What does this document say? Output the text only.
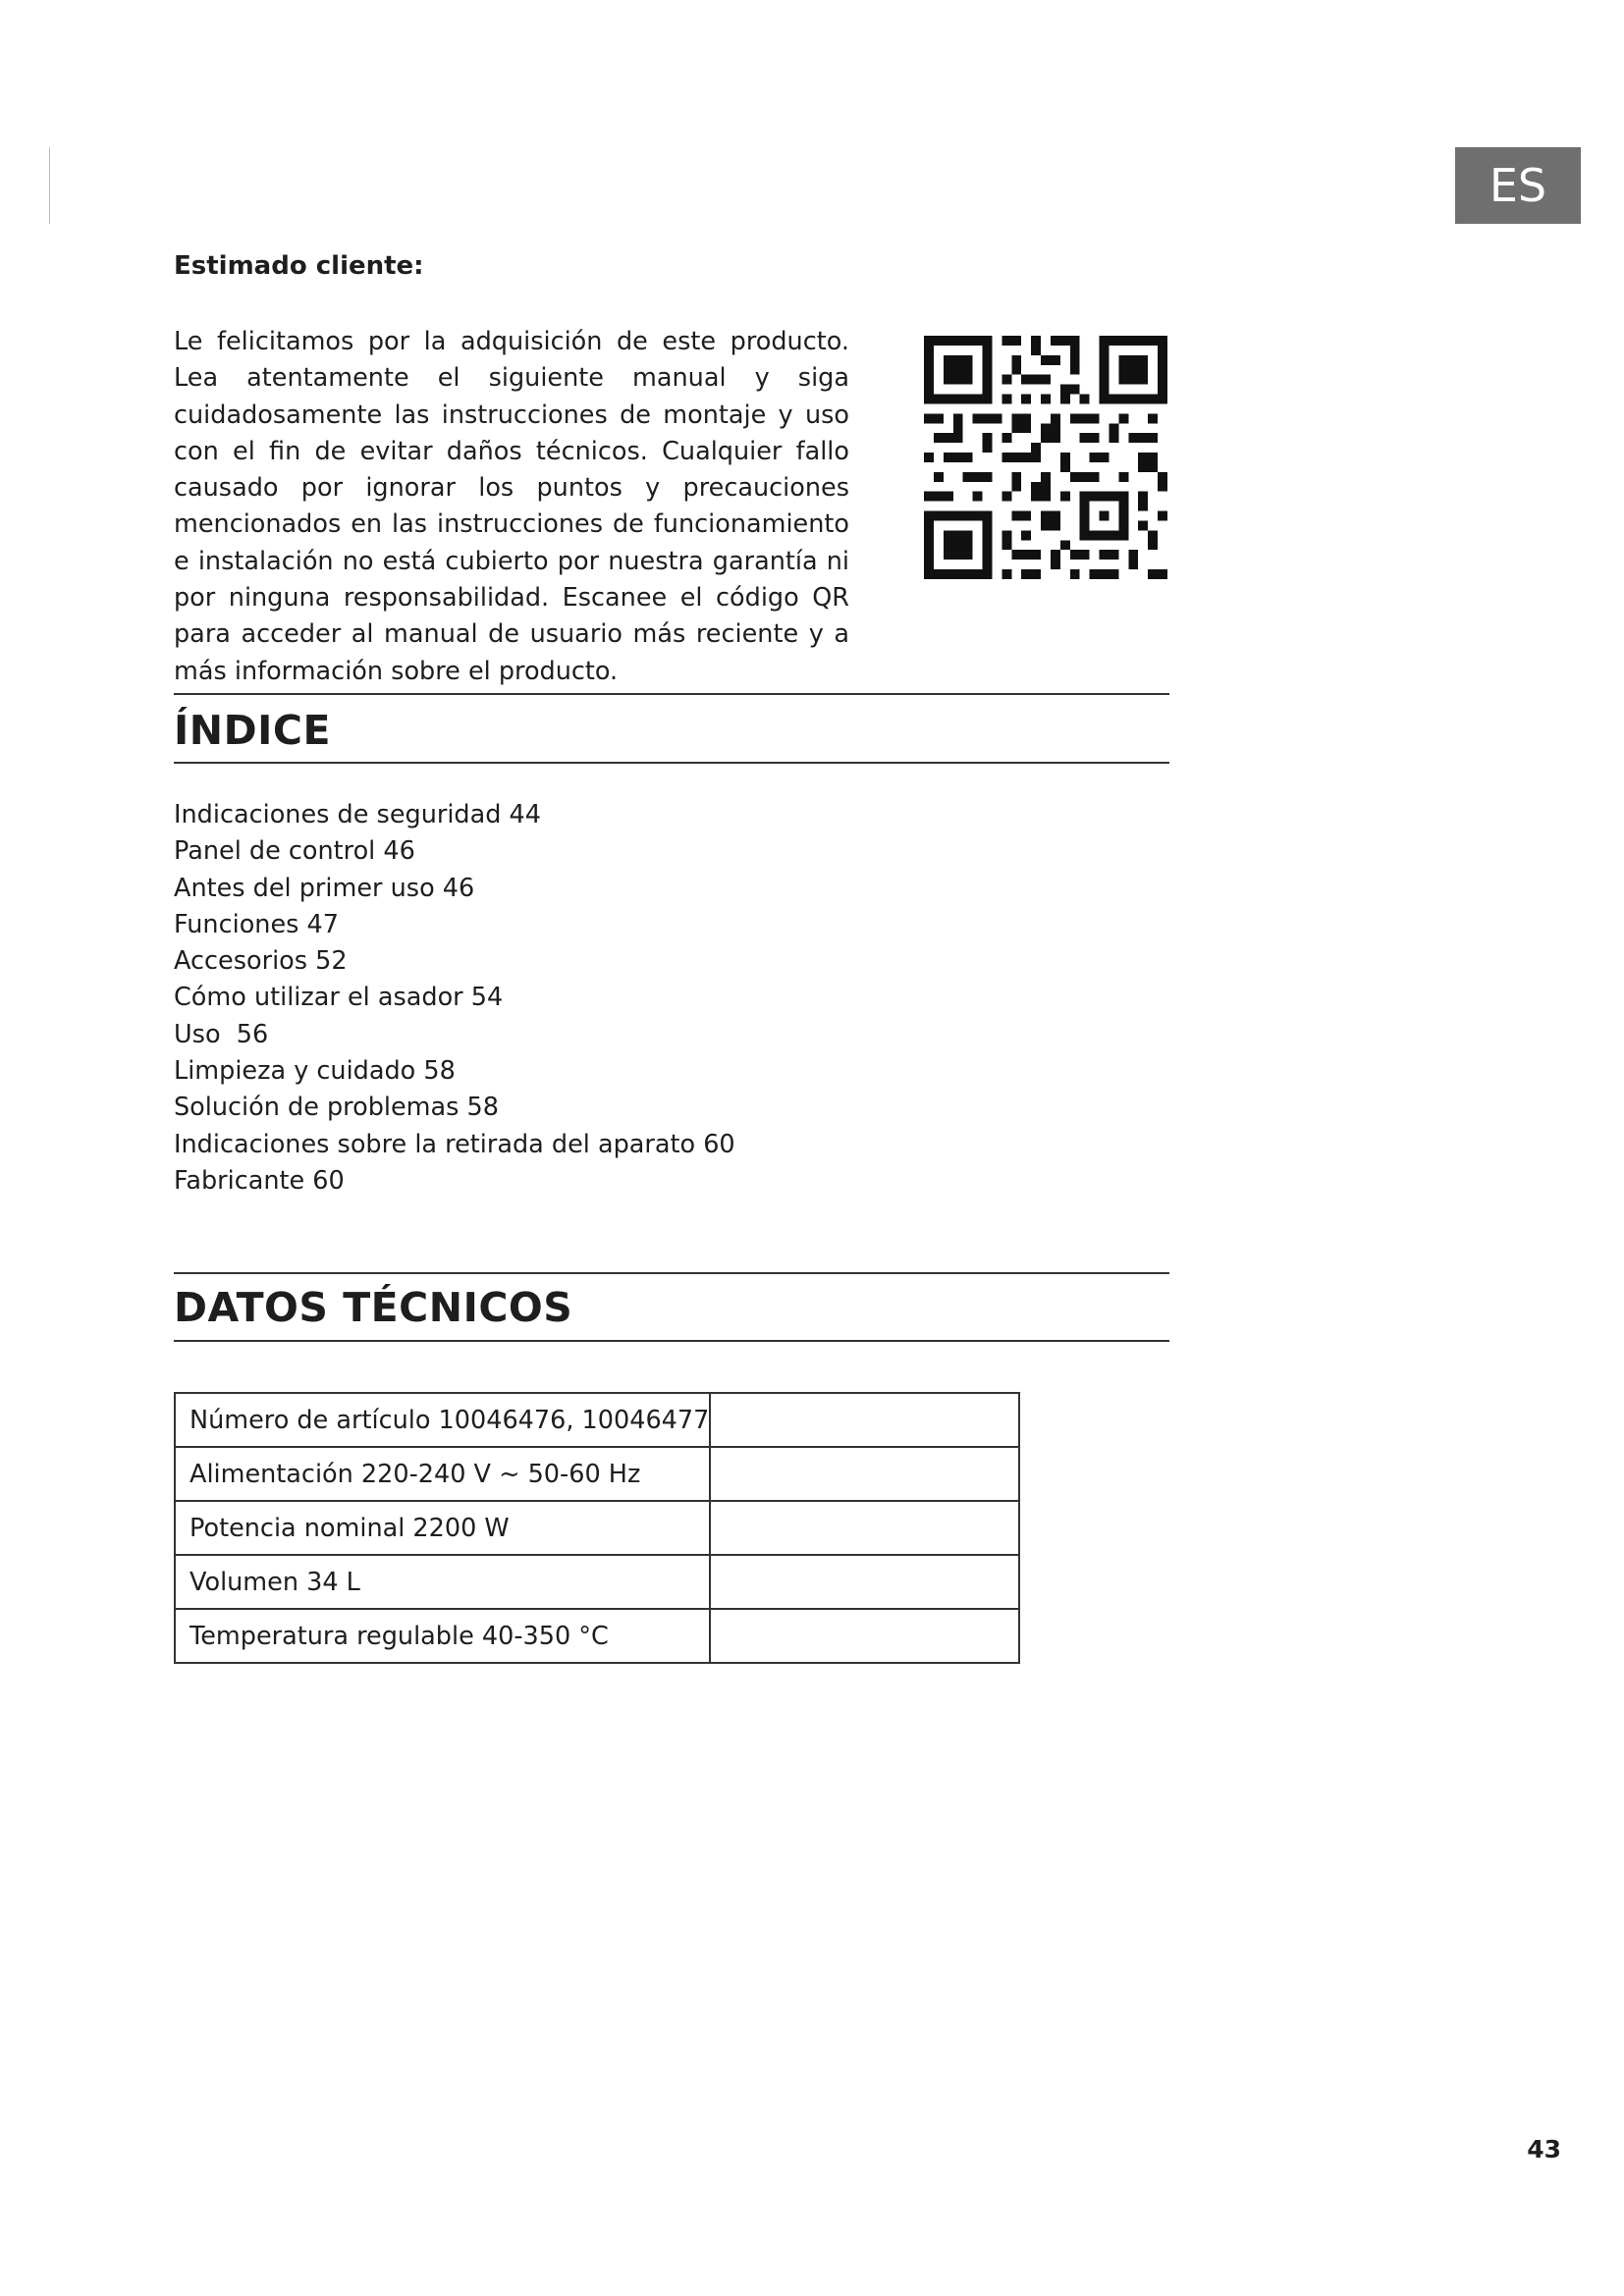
ES
Estimado cliente:
Le felicitamos por la adquisición de este producto. Lea atentamente el siguiente manual y siga cuidadosamente las instrucciones de montaje y uso con el fin de evitar daños técnicos. Cualquier fallo causado por ignorar los puntos y precauciones mencionados en las instrucciones de funcionamiento e instalación no está cubierto por nuestra garantía ni por ninguna responsabilidad. Escanee el código QR para acceder al manual de usuario más reciente y a más información sobre el producto.
ÍNDICE
Indicaciones de seguridad 44
Panel de control 46
Antes del primer uso 46
Funciones 47
Accesorios 52
Cómo utilizar el asador 54
Uso  56
Limpieza y cuidado 58
Solución de problemas 58
Indicaciones sobre la retirada del aparato 60
Fabricante 60
DATOS TÉCNICOS
Número de artículo 10046476, 10046477	
Alimentación 220-240 V ~ 50-60 Hz	
Potencia nominal 2200 W	
Volumen 34 L	
Temperatura regulable 40-350 °C	
43
